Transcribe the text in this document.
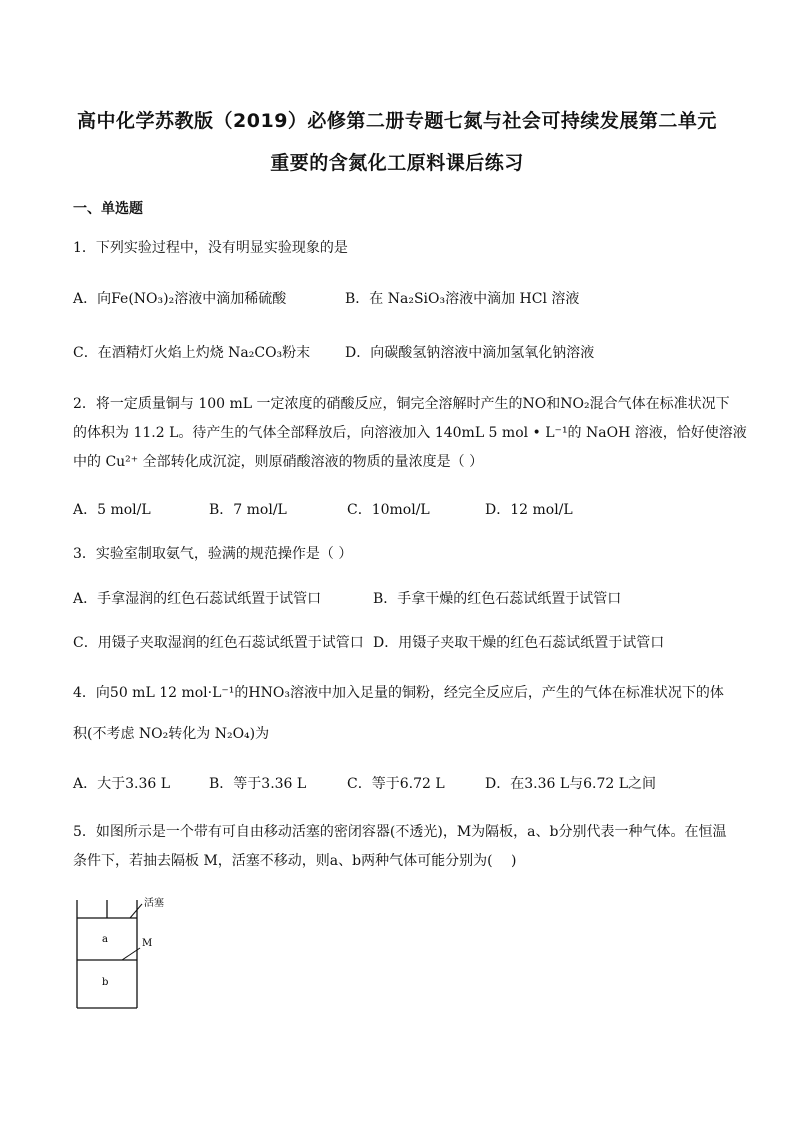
高中化学苏教版（2019）必修第二册专题七氮与社会可持续发展第二单元
重要的含氮化工原料课后练习
一、单选题
1．下列实验过程中，没有明显实验现象的是
A．向Fe(NO₃)₂溶液中滴加稀硫酸	B．在 Na₂SiO₃溶液中滴加 HCl 溶液
C．在酒精灯火焰上灼烧 Na₂CO₃粉末 D．向碳酸氢钠溶液中滴加氢氧化钠溶液
2．将一定质量铜与 100 mL 一定浓度的硝酸反应，铜完全溶解时产生的NO和NO₂混合气体在标准状况下
的体积为 11.2 L。待产生的气体全部释放后，向溶液加入 140mL 5 mol • L⁻¹的 NaOH 溶液，恰好使溶液
中的 Cu²⁺ 全部转化成沉淀，则原硝酸溶液的物质的量浓度是（ ）
A．5 mol/L	B．7 mol/L	C．10mol/L	D．12 mol/L
3．实验室制取氨气，验满的规范操作是（ ）
A．手拿湿润的红色石蕊试纸置于试管口	B．手拿干燥的红色石蕊试纸置于试管口
C．用镊子夹取湿润的红色石蕊试纸置于试管口 D．用镊子夹取干燥的红色石蕊试纸置于试管口
4．向50 mL 12 mol·L⁻¹的HNO₃溶液中加入足量的铜粉，经完全反应后，产生的气体在标准状况下的体
积(不考虑 NO₂转化为 N₂O₄)为
A．大于3.36 L	B．等于3.36 L	C．等于6.72 L	D．在3.36 L与6.72 L之间
5．如图所示是一个带有可自由移动活塞的密闭容器(不透光)，M为隔板，a、b分别代表一种气体。在恒温
条件下，若抽去隔板 M，活塞不移动，则a、b两种气体可能分别为(　 )
活塞
M
a
b
